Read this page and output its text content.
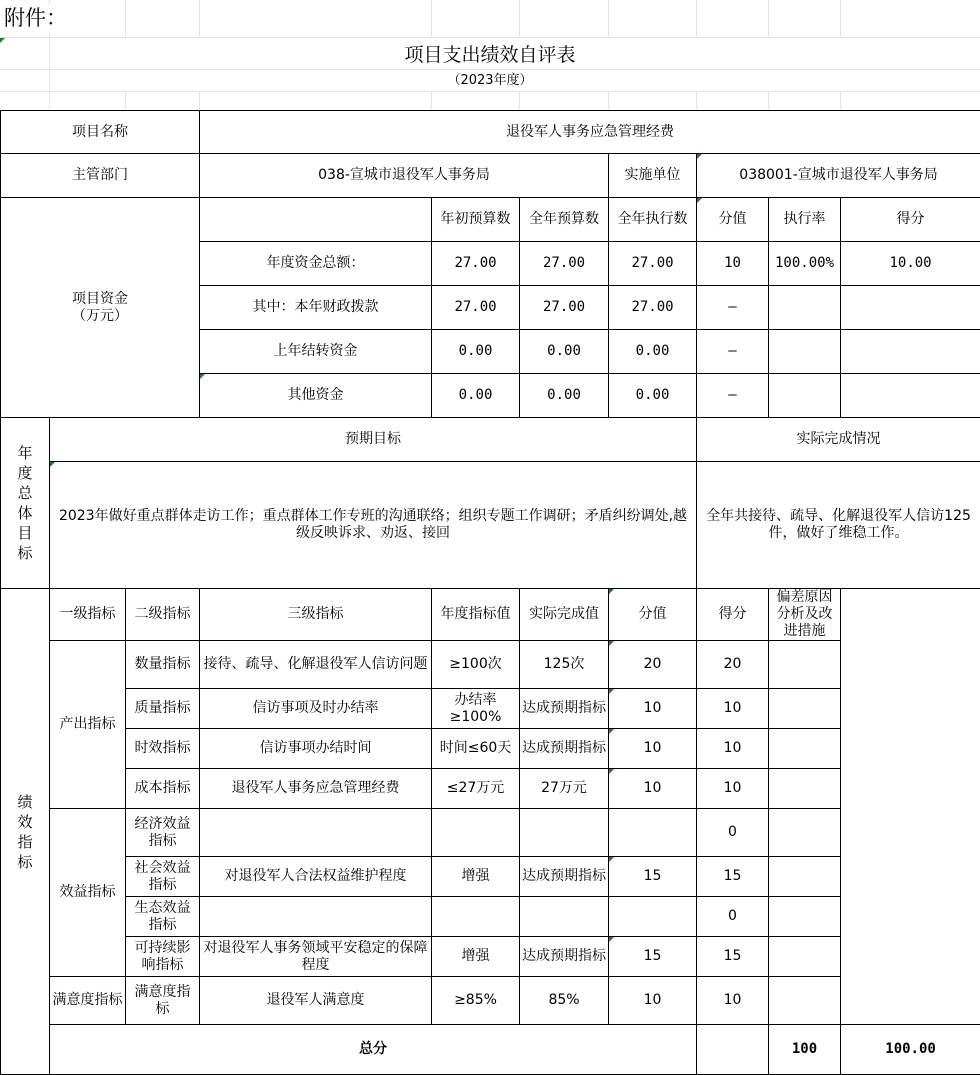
附件：
项目支出绩效自评表
（2023年度）
项目名称			退役军人事务应急管理经费							
主管部门			038-宣城市退役军人事务局			实施单位	038001-宣城市退役军人事务局			
项目资金
（万元）				年初预算数	全年预算数	全年执行数	分值	执行率	得分	
			年度资金总额：	27.00	27.00	27.00	10	100.00%	10.00	
			其中：本年财政拨款	27.00	27.00	27.00	–			
			上年结转资金	0.00	0.00	0.00	–			
			其他资金	0.00	0.00	0.00	–			
年度总体目标	预期目标						实际完成情况			
	2023年做好重点群体走访工作；重点群体工作专班的沟通联络；组织专题工作调研；矛盾纠纷调处,越级反映诉求、劝返、接回						全年共接待、疏导、化解退役军人信访125件，做好了维稳工作。			
绩效指标	一级指标	二级指标	三级指标	年度指标值	实际完成值	分值	得分	偏差原因分析及改进措施		
	产出指标	数量指标	接待、疏导、化解退役军人信访问题	≥100次	125次	20	20			
		质量指标	信访事项及时办结率	办结率≥100%	达成预期指标	10	10			
		时效指标	信访事项办结时间	时间≤60天	达成预期指标	10	10			
		成本指标	退役军人事务应急管理经费	≤27万元	27万元	10	10			
	效益指标	经济效益指标					0			
		社会效益指标	对退役军人合法权益维护程度	增强	达成预期指标	15	15			
		生态效益指标					0			
		可持续影响指标	对退役军人事务领域平安稳定的保障程度	增强	达成预期指标	15	15			
	满意度指标	满意度指标	退役军人满意度	≥85%	85%	10	10			
	总分							100	100.00	
